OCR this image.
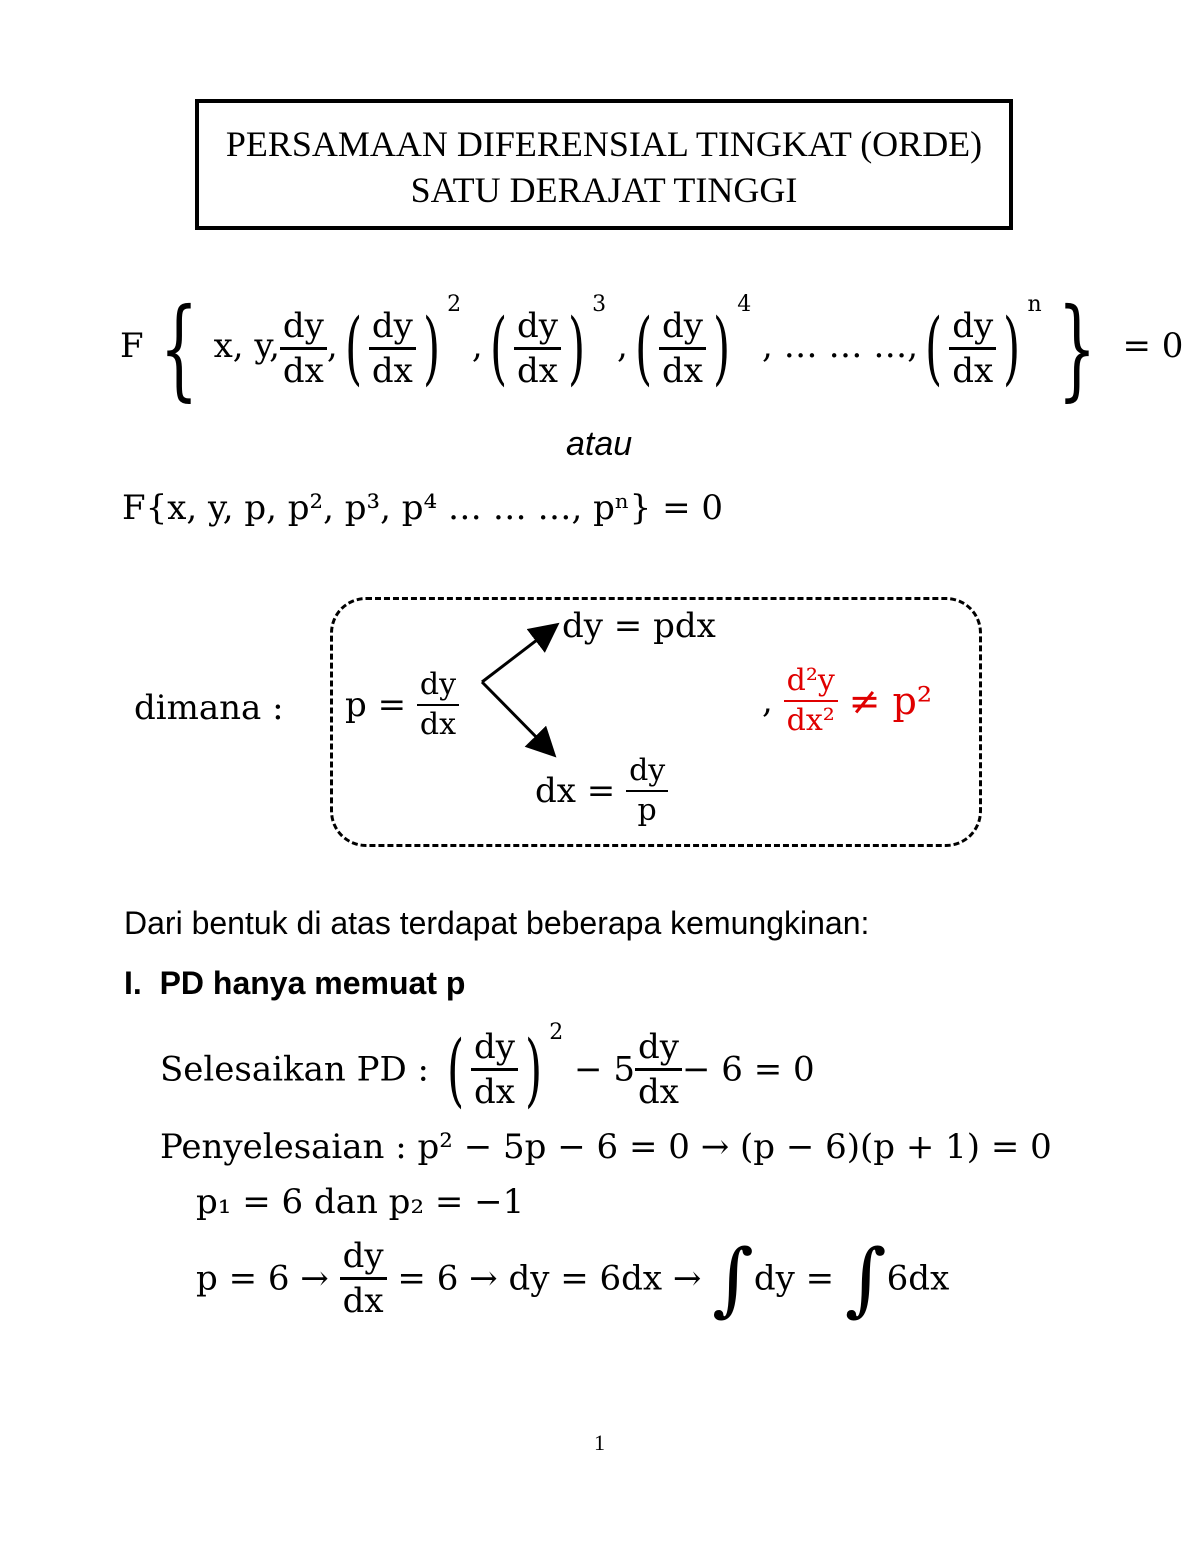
PERSAMAAN DIFERENSIAL TINGKAT (ORDE)
SATU DERAJAT TINGGI
F { x, y, $\frac{dy}{dx}$ ,( $\frac{dy}{dx}$ ) $^2$ ,( $\frac{dy}{dx}$ ) $^3$ ,( $\frac{dy}{dx}$ ) $^4$ , … … …,( $\frac{dy}{dx}$ ) $^n$ } = 0
atau
F{x, y, p, p², p³, p⁴ … … …, pⁿ} = 0
dimana : $p = \frac{dy}{dx}$
dy = pdx
dx = $\frac{dy}{p}$
, $\frac{\text{d²y}}{\text{dx²}} \ne p^2$
Dari bentuk di atas terdapat beberapa kemungkinan:
I.  PD hanya memuat p
Selesaikan PD : ( $\frac{dy}{dx}$ ) $^2 - 5 \frac{dy}{dx} - 6 = 0$
Penyelesaian : p² − 5p − 6 = 0 → (p − 6)(p + 1) = 0
p₁ = 6 dan p₂ = −1
$p = 6 \to \frac{dy}{dx} = 6$ → dy = 6dx → ∫dy = ∫6dx
1
